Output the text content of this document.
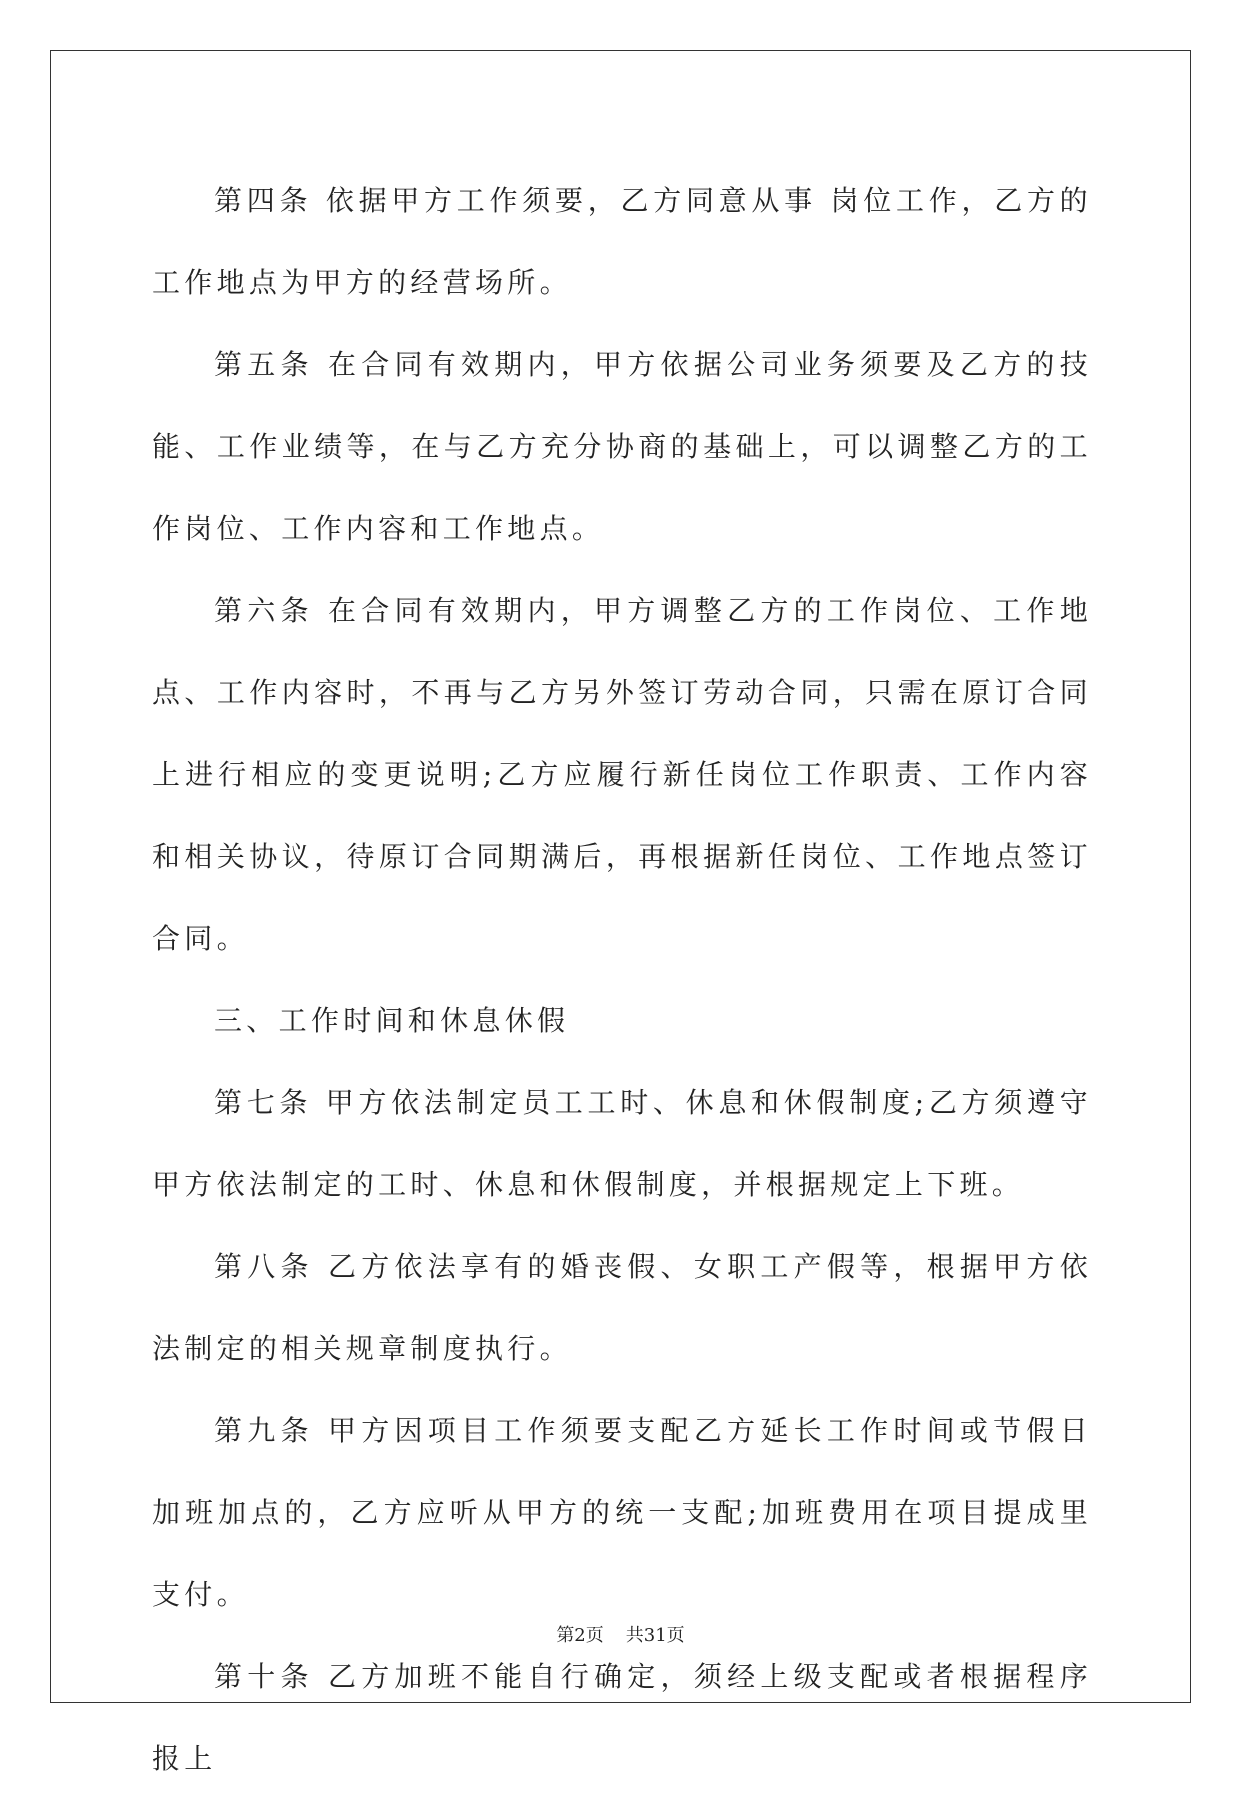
第四条 依据甲方工作须要，乙方同意从事 岗位工作，乙方的工作地点为甲方的经营场所。

第五条 在合同有效期内，甲方依据公司业务须要及乙方的技能、工作业绩等，在与乙方充分协商的基础上，可以调整乙方的工作岗位、工作内容和工作地点。

第六条 在合同有效期内，甲方调整乙方的工作岗位、工作地点、工作内容时，不再与乙方另外签订劳动合同，只需在原订合同上进行相应的变更说明;乙方应履行新任岗位工作职责、工作内容和相关协议，待原订合同期满后，再根据新任岗位、工作地点签订合同。

三、工作时间和休息休假

第七条 甲方依法制定员工工时、休息和休假制度;乙方须遵守甲方依法制定的工时、休息和休假制度，并根据规定上下班。

第八条 乙方依法享有的婚丧假、女职工产假等，根据甲方依法制定的相关规章制度执行。

第九条 甲方因项目工作须要支配乙方延长工作时间或节假日加班加点的，乙方应听从甲方的统一支配;加班费用在项目提成里支付。

第十条 乙方加班不能自行确定，须经上级支配或者根据程序报上

第2页 共31页
